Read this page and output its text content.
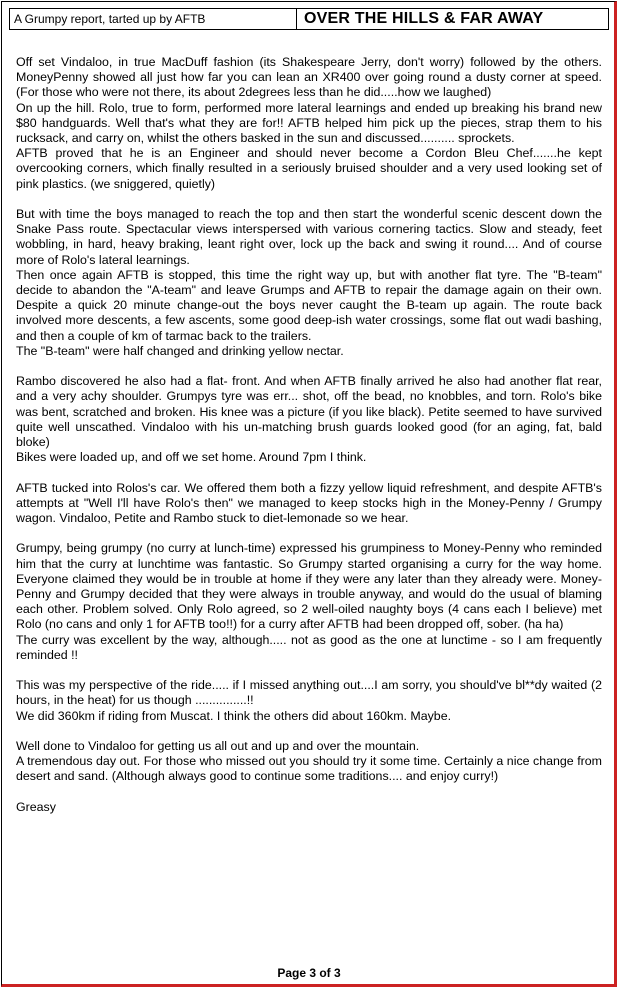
A Grumpy report, tarted up by AFTB	OVER THE HILLS & FAR AWAY

Off set Vindaloo, in true MacDuff fashion (its Shakespeare Jerry, don't worry) followed by the others. MoneyPenny showed all just how far you can lean an XR400 over going round a dusty corner at speed. (For those who were not there, its about 2degrees less than he did.....how we laughed)

On up the hill. Rolo, true to form, performed more lateral learnings and ended up breaking his brand new $80 handguards. Well that's what they are for!! AFTB helped him pick up the pieces, strap them to his rucksack, and carry on, whilst the others basked in the sun and discussed.......... sprockets.

AFTB proved that he is an Engineer and should never become a Cordon Bleu Chef.......he kept overcooking corners, which finally resulted in a seriously bruised shoulder and a very used looking set of pink plastics. (we sniggered, quietly)

But with time the boys managed to reach the top and then start the wonderful scenic descent down the Snake Pass route. Spectacular views interspersed with various cornering tactics. Slow and steady, feet wobbling, in hard, heavy braking, leant right over, lock up the back and swing it round.... And of course more of Rolo's lateral learnings.

Then once again AFTB is stopped, this time the right way up, but with another flat tyre. The "B-team" decide to abandon the "A-team" and leave Grumps and AFTB to repair the damage again on their own. Despite a quick 20 minute change-out the boys never caught the B-team up again. The route back involved more descents, a few ascents, some good deep-ish water crossings, some flat out wadi bashing, and then a couple of km of tarmac back to the trailers.

The "B-team" were half changed and drinking yellow nectar.

Rambo discovered he also had a flat- front. And when AFTB finally arrived he also had another flat rear, and a very achy shoulder. Grumpys tyre was err... shot, off the bead, no knobbles, and torn. Rolo's bike was bent, scratched and broken. His knee was a picture (if you like black). Petite seemed to have survived quite well unscathed. Vindaloo with his un-matching brush guards looked good (for an aging, fat, bald bloke)

Bikes were loaded up, and off we set home. Around 7pm I think.

AFTB tucked into Rolos's car. We offered them both a fizzy yellow liquid refreshment, and despite AFTB's attempts at "Well I'll have Rolo's then" we managed to keep stocks high in the Money-Penny / Grumpy wagon. Vindaloo, Petite and Rambo stuck to diet-lemonade so we hear.

Grumpy, being grumpy (no curry at lunch-time) expressed his grumpiness to Money-Penny who reminded him that the curry at lunchtime was fantastic. So Grumpy started organising a curry for the way home. Everyone claimed they would be in trouble at home if they were any later than they already were. Money-Penny and Grumpy decided that they were always in trouble anyway, and would do the usual of blaming each other. Problem solved. Only Rolo agreed, so 2 well-oiled naughty boys (4 cans each I believe) met Rolo (no cans and only 1 for AFTB too!!) for a curry after AFTB had been dropped off, sober. (ha ha)

The curry was excellent by the way, although..... not as good as the one at lunctime - so I am frequently reminded !!

This was my perspective of the ride..... if I missed anything out....I am sorry, you should've bl**dy waited (2 hours, in the heat) for us though ...............!!

We did 360km if riding from Muscat. I think the others did about 160km. Maybe.

Well done to Vindaloo for getting us all out and up and over the mountain.

A tremendous day out. For those who missed out you should try it some time. Certainly a nice change from desert and sand. (Although always good to continue some traditions.... and enjoy curry!)

Greasy

Page 3 of 3
